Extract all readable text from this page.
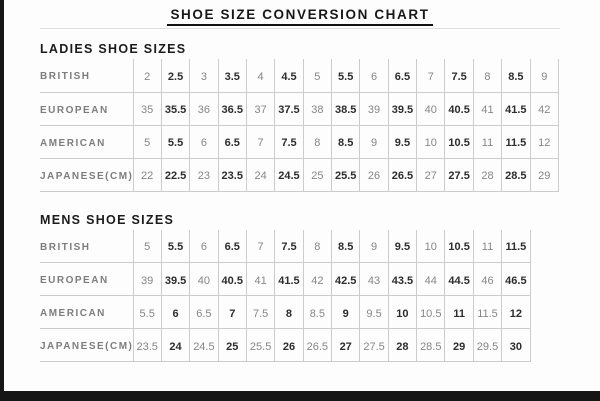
SHOE SIZE CONVERSION CHART
LADIES SHOE SIZES
BRITISH	2	2.5	3	3.5	4	4.5	5	5.5	6	6.5	7	7.5	8	8.5	9
EUROPEAN	35	35.5	36	36.5	37	37.5	38	38.5	39	39.5	40	40.5	41	41.5	42
AMERICAN	5	5.5	6	6.5	7	7.5	8	8.5	9	9.5	10	10.5	11	11.5	12
JAPANESE(CM)	22	22.5	23	23.5	24	24.5	25	25.5	26	26.5	27	27.5	28	28.5	29
MENS SHOE SIZES
BRITISH	5	5.5	6	6.5	7	7.5	8	8.5	9	9.5	10	10.5	11	11.5
EUROPEAN	39	39.5	40	40.5	41	41.5	42	42.5	43	43.5	44	44.5	46	46.5
AMERICAN	5.5	6	6.5	7	7.5	8	8.5	9	9.5	10	10.5	11	11.5	12
JAPANESE(CM)	23.5	24	24.5	25	25.5	26	26.5	27	27.5	28	28.5	29	29.5	30
